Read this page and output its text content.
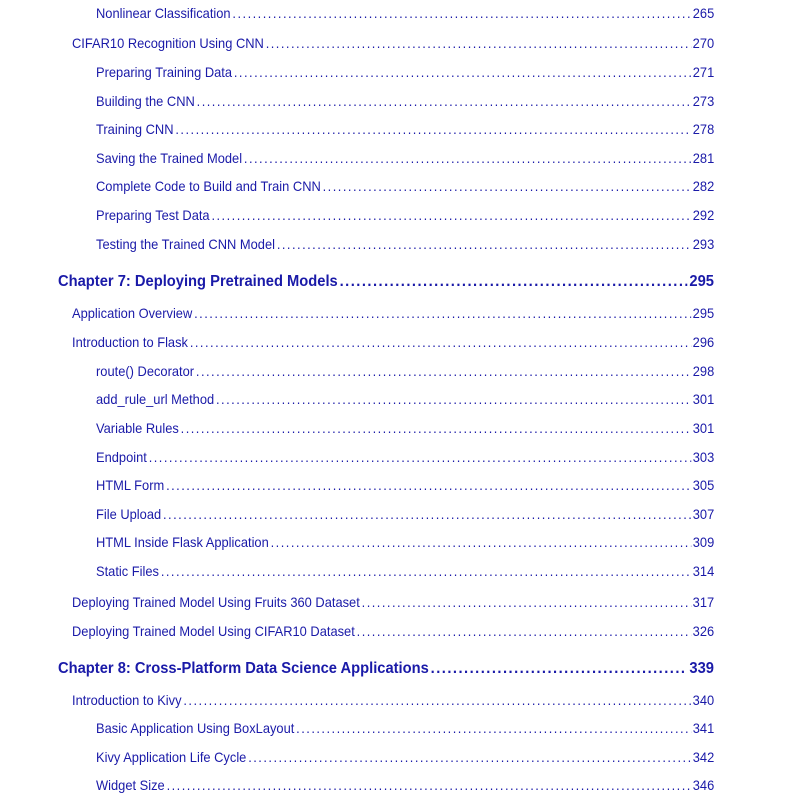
Nonlinear Classification .....	265
CIFAR10 Recognition Using CNN .....	270
Preparing Training Data .....	271
Building the CNN .....	273
Training CNN .....	278
Saving the Trained Model .....	281
Complete Code to Build and Train CNN .....	282
Preparing Test Data .....	292
Testing the Trained CNN Model .....	293
Chapter 7: Deploying Pretrained Models .....	295
Application Overview .....	295
Introduction to Flask .....	296
route() Decorator .....	298
add_rule_url Method .....	301
Variable Rules .....	301
Endpoint .....	303
HTML Form .....	305
File Upload .....	307
HTML Inside Flask Application .....	309
Static Files .....	314
Deploying Trained Model Using Fruits 360 Dataset .....	317
Deploying Trained Model Using CIFAR10 Dataset .....	326
Chapter 8: Cross-Platform Data Science Applications .....	339
Introduction to Kivy .....	340
Basic Application Using BoxLayout .....	341
Kivy Application Life Cycle .....	342
Widget Size .....	346
